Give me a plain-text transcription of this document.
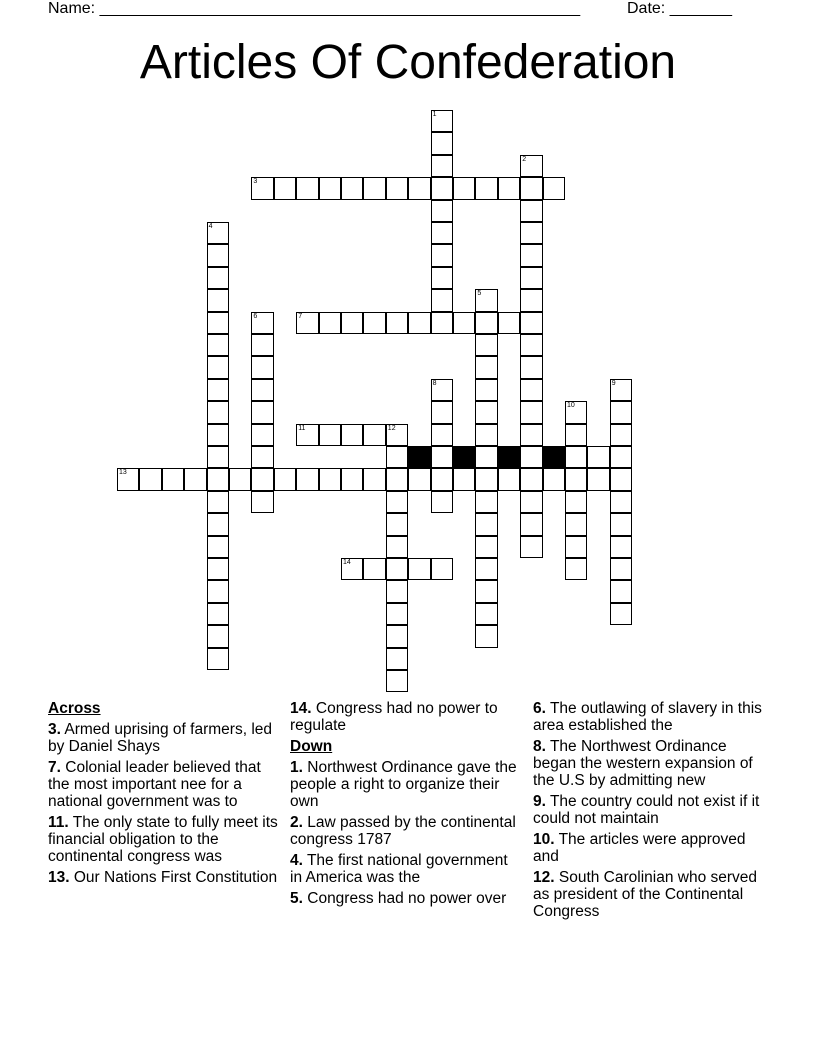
Name: ______________________________________________________	Date: _______
Articles Of Confederation
1
2
3
4
5
6	7
8	9
10
11	12
13
14
Across
3. Armed uprising of farmers, led by Daniel Shays
7. Colonial leader believed that the most important nee for a national government was to
11. The only state to fully meet its financial obligation to the continental congress was
13. Our Nations First Constitution
14. Congress had no power to regulate
Down
1. Northwest Ordinance gave the people a right to organize their own
2. Law passed by the continental congress 1787
4. The first national government in America was the
5. Congress had no power over
6. The outlawing of slavery in this area established the
8. The Northwest Ordinance began the western expansion of the U.S by admitting new
9. The country could not exist if it could not maintain
10. The articles were approved and
12. South Carolinian who served as president of the Continental Congress
